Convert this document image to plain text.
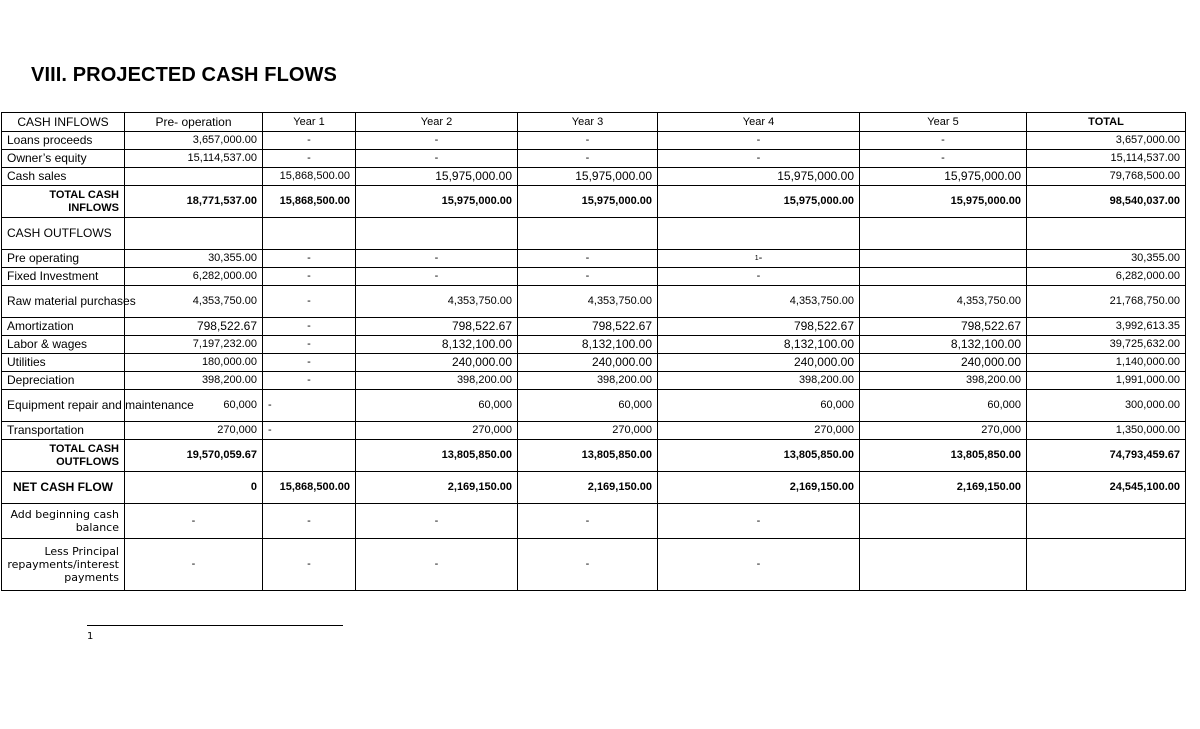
VIII. PROJECTED CASH FLOWS
CASH INFLOWS	Pre- operation	Year 1	Year 2	Year 3	Year 4	Year 5	TOTAL
Loans proceeds	3,657,000.00	-	-	-	-	-	3,657,000.00
Owner’s equity	15,114,537.00	-	-	-	-	-	15,114,537.00
Cash sales		15,868,500.00	15,975,000.00	15,975,000.00	15,975,000.00	15,975,000.00	79,768,500.00
TOTAL CASH
INFLOWS	18,771,537.00	15,868,500.00	15,975,000.00	15,975,000.00	15,975,000.00	15,975,000.00	98,540,037.00
CASH OUTFLOWS							
Pre operating	30,355.00	-	-	-	$^1$-		30,355.00
Fixed Investment	6,282,000.00	-	-	-	-		6,282,000.00
Raw material purchases	4,353,750.00	-	4,353,750.00	4,353,750.00	4,353,750.00	4,353,750.00	21,768,750.00
Amortization	798,522.67	-	798,522.67	798,522.67	798,522.67	798,522.67	3,992,613.35
Labor & wages	7,197,232.00	-	8,132,100.00	8,132,100.00	8,132,100.00	8,132,100.00	39,725,632.00
Utilities	180,000.00	-	240,000.00	240,000.00	240,000.00	240,000.00	1,140,000.00
Depreciation	398,200.00	-	398,200.00	398,200.00	398,200.00	398,200.00	1,991,000.00
Equipment repair and maintenance	60,000	-	60,000	60,000	60,000	60,000	300,000.00
Transportation	270,000	-	270,000	270,000	270,000	270,000	1,350,000.00
TOTAL CASH
OUTFLOWS	19,570,059.67		13,805,850.00	13,805,850.00	13,805,850.00	13,805,850.00	74,793,459.67
NET CASH FLOW	0	15,868,500.00	2,169,150.00	2,169,150.00	2,169,150.00	2,169,150.00	24,545,100.00
Add beginning cash
balance	-	-	-	-	-		
Less Principal
repayments/interest
payments	-	-	-	-	-		
1
